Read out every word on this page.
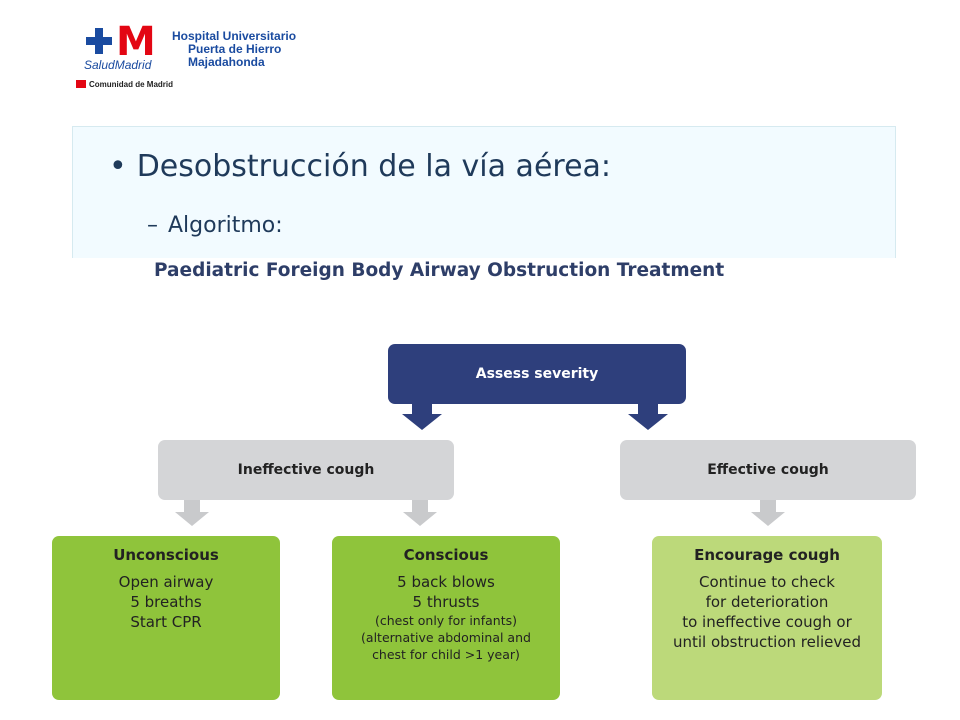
M
SaludMadrid
Hospital Universitario
Puerta de Hierro
Majadahonda
Comunidad de Madrid
• Desobstrucción de la vía aérea:
– Algoritmo:
Paediatric Foreign Body Airway Obstruction Treatment
Assess severity
Ineffective cough	Effective cough
Unconscious
Open airway
5 breaths
Start CPR
Conscious
5 back blows
5 thrusts
(chest only for infants)
(alternative abdominal and
chest for child >1 year)
Encourage cough
Continue to check
for deterioration
to ineffective cough or
until obstruction relieved
